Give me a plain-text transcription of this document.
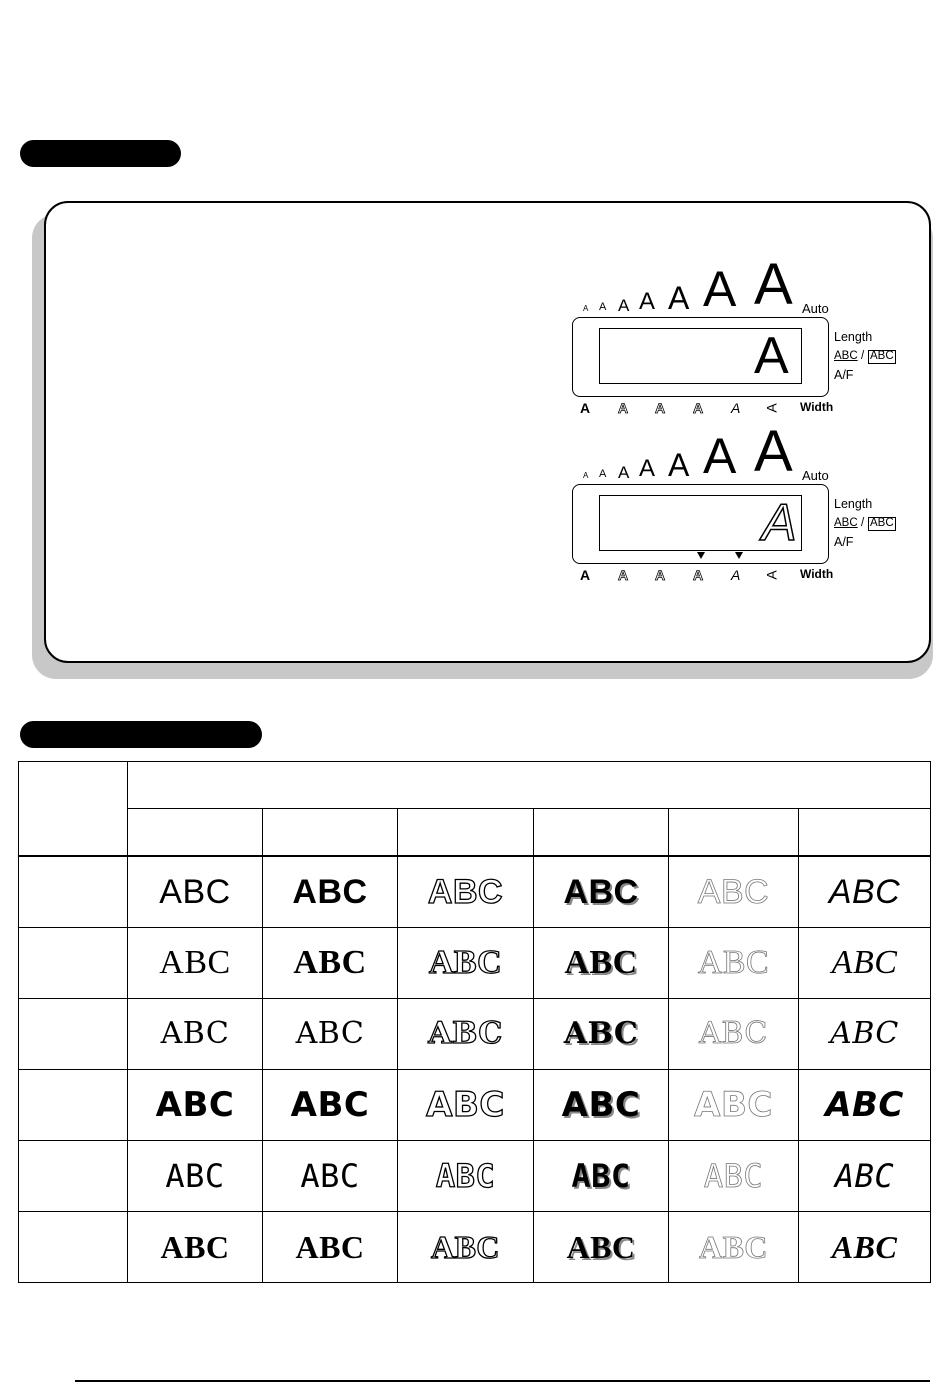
A A A A A A A Auto
A	Length
ABC / ABC
A/F
A A A A A A Width
A A A A A A A Auto
A	Length
ABC / ABC
A/F
A A A A A A Width

	ABC	ABC	ABC	ABC	ABC	ABC
	ABC	ABC	ABC	ABC	ABC	ABC
	ABC	ABC	ABC	ABC	ABC	ABC
	ABC	ABC	ABC	ABC	ABC	ABC
	ABC	ABC	ABC	ABC	ABC	ABC
	ABC	ABC	ABC	ABC	ABC	ABC
